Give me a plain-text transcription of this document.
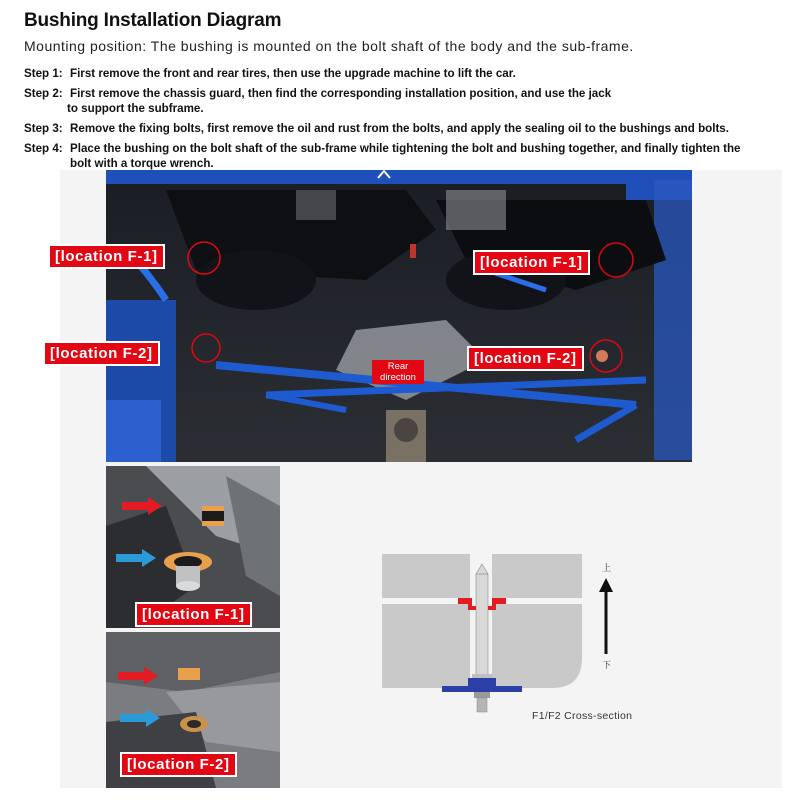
Bushing Installation Diagram
Mounting position: The bushing is mounted on the bolt shaft of the body and the sub-frame.
Step 1: First remove the front and rear tires, then use the upgrade machine to lift the car.
Step 2: First remove the chassis guard, then find the corresponding installation position, and use the jack
to support the subframe.
Step 3: Remove the fixing bolts, first remove the oil and rust from the bolts, and apply the sealing oil to the bushings and bolts.
Step 4: Place the bushing on the bolt shaft of the sub-frame while tightening the bolt and bushing together, and finally tighten the
bolt with a torque wrench.
[location F-1]	[location F-1]
[location F-2]	[location F-2]
Rear
direction
[location F-1]
[location F-2]
上
下
F1/F2 Cross-section
